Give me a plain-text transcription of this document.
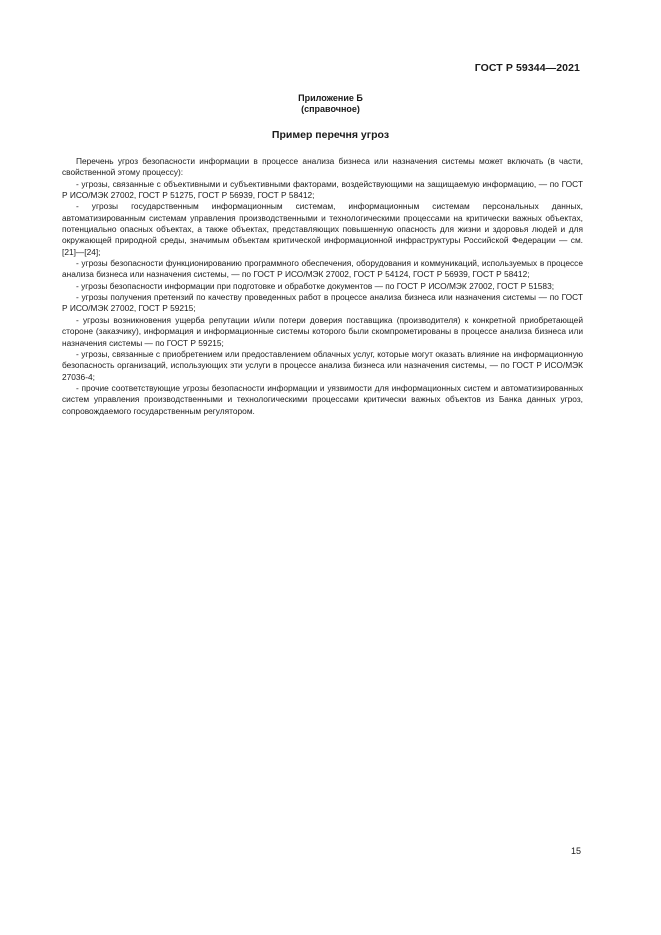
ГОСТ Р 59344—2021
Приложение Б
(справочное)
Пример перечня угроз

Перечень угроз безопасности информации в процессе анализа бизнеса или назначения системы может включать (в части, свойственной этому процессу):

- угрозы, связанные с объективными и субъективными факторами, воздействующими на защищаемую информацию, — по ГОСТ Р ИСО/МЭК 27002, ГОСТ Р 51275, ГОСТ Р 56939, ГОСТ Р 58412;

- угрозы государственным информационным системам, информационным системам персональных данных, автоматизированным системам управления производственными и технологическими процессами на критически важных объектах, потенциально опасных объектах, а также объектах, представляющих повышенную опасность для жизни и здоровья людей и для окружающей природной среды, значимым объектам критической информационной инфраструктуры Российской Федерации — см. [21]—[24];

- угрозы безопасности функционированию программного обеспечения, оборудования и коммуникаций, используемых в процессе анализа бизнеса или назначения системы, — по ГОСТ Р ИСО/МЭК 27002, ГОСТ Р 54124, ГОСТ Р 56939, ГОСТ Р 58412;

- угрозы безопасности информации при подготовке и обработке документов — по ГОСТ Р ИСО/МЭК 27002, ГОСТ Р 51583;

- угрозы получения претензий по качеству проведенных работ в процессе анализа бизнеса или назначения системы — по ГОСТ Р ИСО/МЭК 27002, ГОСТ Р 59215;

- угрозы возникновения ущерба репутации и/или потери доверия поставщика (производителя) к конкретной приобретающей стороне (заказчику), информация и информационные системы которого были скомпрометированы в процессе анализа бизнеса или назначения системы — по ГОСТ Р 59215;

- угрозы, связанные с приобретением или предоставлением облачных услуг, которые могут оказать влияние на информационную безопасность организаций, использующих эти услуги в процессе анализа бизнеса или назначения системы, — по ГОСТ Р ИСО/МЭК 27036-4;

- прочие соответствующие угрозы безопасности информации и уязвимости для информационных систем и автоматизированных систем управления производственными и технологическими процессами критически важных объектов из Банка данных угроз, сопровождаемого государственным регулятором.

15
